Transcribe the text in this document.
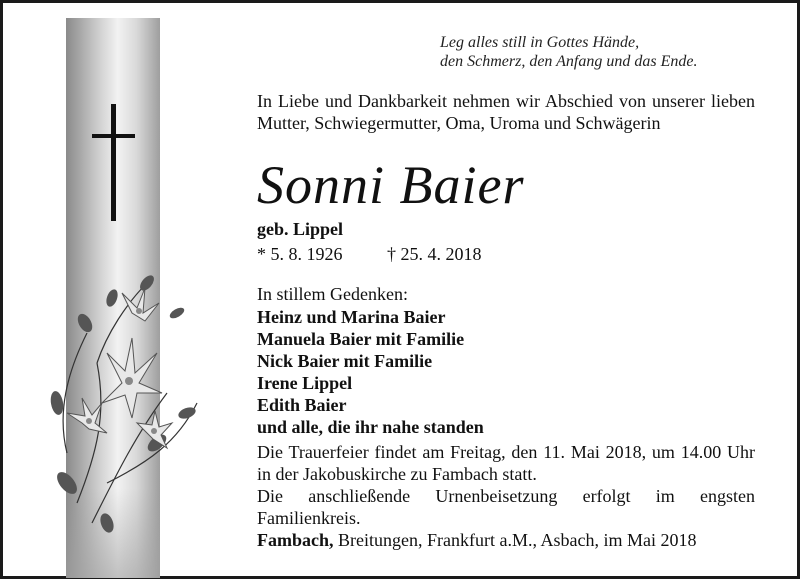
Leg alles still in Gottes Hände,
den Schmerz, den Anfang und das Ende.
In Liebe und Dankbarkeit nehmen wir Abschied von unserer lieben Mutter, Schwiegermutter, Oma, Uroma und Schwägerin
Sonni Baier
geb. Lippel
* 5. 8. 1926 † 25. 4. 2018
In stillem Gedenken:
Heinz und Marina Baier
Manuela Baier mit Familie
Nick Baier mit Familie
Irene Lippel
Edith Baier
und alle, die ihr nahe standen
Die Trauerfeier findet am Freitag, den 11. Mai 2018, um 14.00 Uhr in der Jakobuskirche zu Fambach statt.
Die anschließende Urnenbeisetzung erfolgt im engsten Familienkreis.
Fambach, Breitungen, Frankfurt a.M., Asbach, im Mai 2018
